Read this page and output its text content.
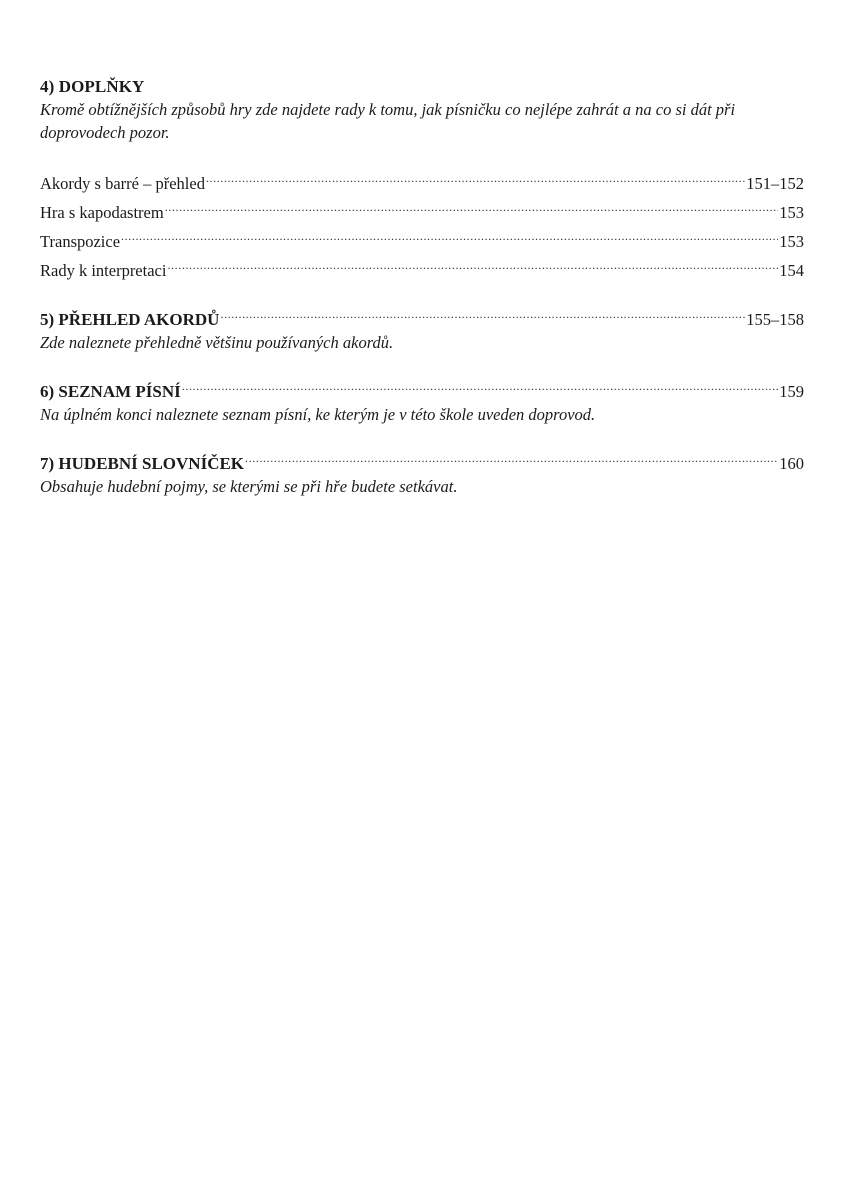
4) DOPLŇKY

Kromě obtížnějších způsobů hry zde najdete rady k tomu, jak písničku co nejlépe zahrát a na co si dát při doprovodech pozor.

Akordy s barré – přehled .....	151–152
Hra s kapodastrem .....	153
Transpozice .....	153
Rady k interpretaci .....	154
5) PŘEHLED AKORDŮ .....	155–158

Zde naleznete přehledně většinu používaných akordů.

6) SEZNAM PÍSNÍ .....	159

Na úplném konci naleznete seznam písní, ke kterým je v této škole uveden doprovod.

7) HUDEBNÍ SLOVNÍČEK .....	160

Obsahuje hudební pojmy, se kterými se při hře budete setkávat.
